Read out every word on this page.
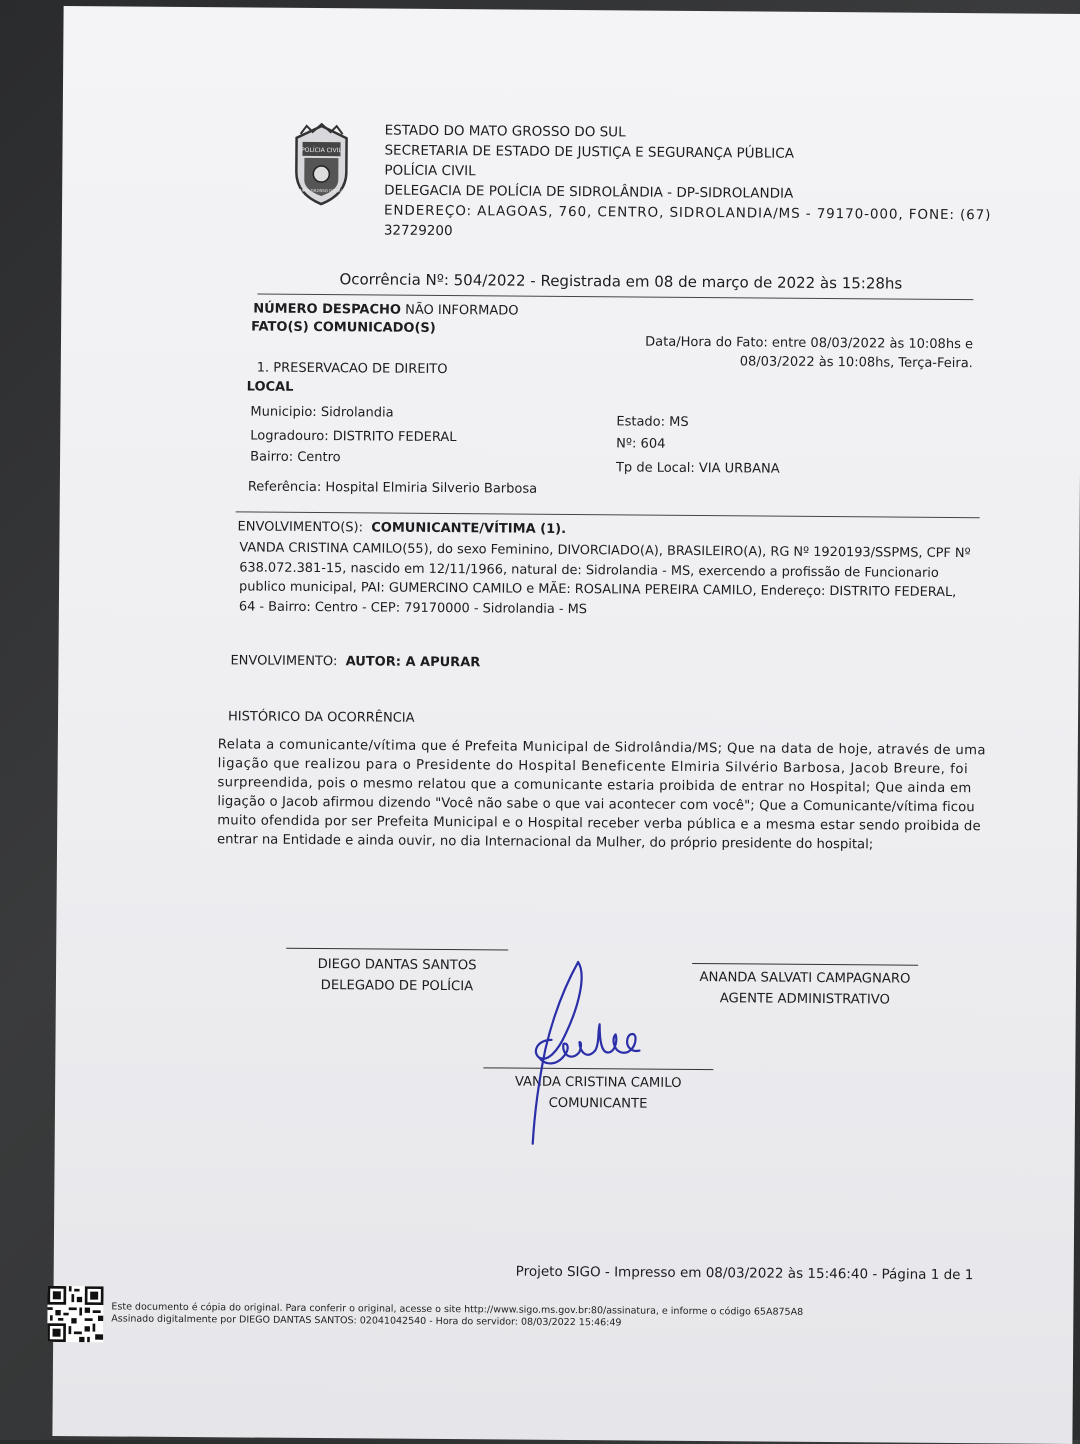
POLÍCIA CIVIL
MATO GROSSO DO SUL
ESTADO DO MATO GROSSO DO SUL
SECRETARIA DE ESTADO DE JUSTIÇA E SEGURANÇA PÚBLICA
POLÍCIA CIVIL
DELEGACIA DE POLÍCIA DE SIDROLÂNDIA - DP-SIDROLANDIA
ENDEREÇO: ALAGOAS, 760, CENTRO, SIDROLANDIA/MS - 79170-000, FONE: (67)
32729200
Ocorrência Nº: 504/2022 - Registrada em 08 de março de 2022 às 15:28hs
NÚMERO DESPACHO NÃO INFORMADO
FATO(S) COMUNICADO(S)
Data/Hora do Fato: entre 08/03/2022 às 10:08hs e
08/03/2022 às 10:08hs, Terça-Feira.
1. PRESERVACAO DE DIREITO
LOCAL
Municipio: Sidrolandia
Logradouro: DISTRITO FEDERAL
Bairro: Centro
Referência: Hospital Elmiria Silverio Barbosa
Estado: MS
Nº: 604
Tp de Local: VIA URBANA
ENVOLVIMENTO(S): COMUNICANTE/VÍTIMA (1).
VANDA CRISTINA CAMILO(55), do sexo Feminino, DIVORCIADO(A), BRASILEIRO(A), RG Nº 1920193/SSPMS, CPF Nº
638.072.381-15, nascido em 12/11/1966, natural de: Sidrolandia - MS, exercendo a profissão de Funcionario
publico municipal, PAI: GUMERCINO CAMILO e MÃE: ROSALINA PEREIRA CAMILO, Endereço: DISTRITO FEDERAL,
64 - Bairro: Centro - CEP: 79170000 - Sidrolandia - MS
ENVOLVIMENTO: AUTOR: A APURAR
HISTÓRICO DA OCORRÊNCIA
Relata a comunicante/vítima que é Prefeita Municipal de Sidrolândia/MS; Que na data de hoje, através de uma
ligação que realizou para o Presidente do Hospital Beneficente Elmiria Silvério Barbosa, Jacob Breure, foi
surpreendida, pois o mesmo relatou que a comunicante estaria proibida de entrar no Hospital; Que ainda em
ligação o Jacob afirmou dizendo "Você não sabe o que vai acontecer com você"; Que a Comunicante/vítima ficou
muito ofendida por ser Prefeita Municipal e o Hospital receber verba pública e a mesma estar sendo proibida de
entrar na Entidade e ainda ouvir, no dia Internacional da Mulher, do próprio presidente do hospital;
DIEGO DANTAS SANTOS
DELEGADO DE POLÍCIA	ANANDA SALVATI CAMPAGNARO
AGENTE ADMINISTRATIVO
VANDA CRISTINA CAMILO
COMUNICANTE
Projeto SIGO - Impresso em 08/03/2022 às 15:46:40 - Página 1 de 1
Este documento é cópia do original. Para conferir o original, acesse o site http://www.sigo.ms.gov.br:80/assinatura, e informe o código 65A875A8
Assinado digitalmente por DIEGO DANTAS SANTOS: 02041042540 - Hora do servidor: 08/03/2022 15:46:49
